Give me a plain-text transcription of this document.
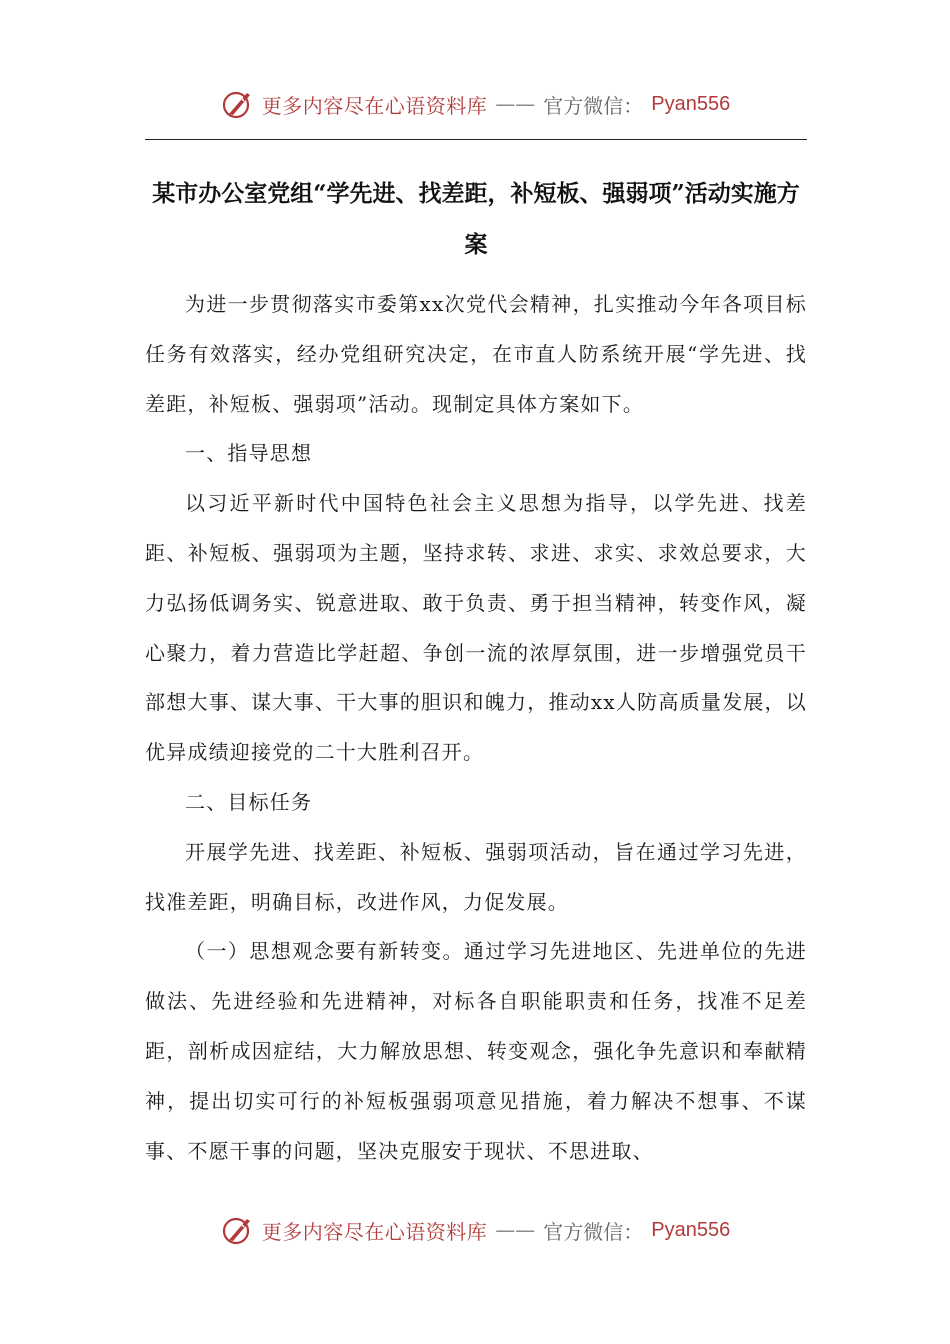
更多内容尽在心语资料库 —— 官方微信： Pyan556
某市办公室党组“学先进、找差距，补短板、强弱项”活动实施方案

为进一步贯彻落实市委第xx次党代会精神，扎实推动今年各项目标任务有效落实，经办党组研究决定，在市直人防系统开展“学先进、找差距，补短板、强弱项”活动。现制定具体方案如下。

一、指导思想

以习近平新时代中国特色社会主义思想为指导，以学先进、找差距、补短板、强弱项为主题，坚持求转、求进、求实、求效总要求，大力弘扬低调务实、锐意进取、敢于负责、勇于担当精神，转变作风，凝心聚力，着力营造比学赶超、争创一流的浓厚氛围，进一步增强党员干部想大事、谋大事、干大事的胆识和魄力，推动xx人防高质量发展，以优异成绩迎接党的二十大胜利召开。

二、目标任务

开展学先进、找差距、补短板、强弱项活动，旨在通过学习先进，找准差距，明确目标，改进作风，力促发展。

（一）思想观念要有新转变。通过学习先进地区、先进单位的先进做法、先进经验和先进精神，对标各自职能职责和任务，找准不足差距，剖析成因症结，大力解放思想、转变观念，强化争先意识和奉献精神，提出切实可行的补短板强弱项意见措施，着力解决不想事、不谋事、不愿干事的问题，坚决克服安于现状、不思进取、

更多内容尽在心语资料库 —— 官方微信： Pyan556
